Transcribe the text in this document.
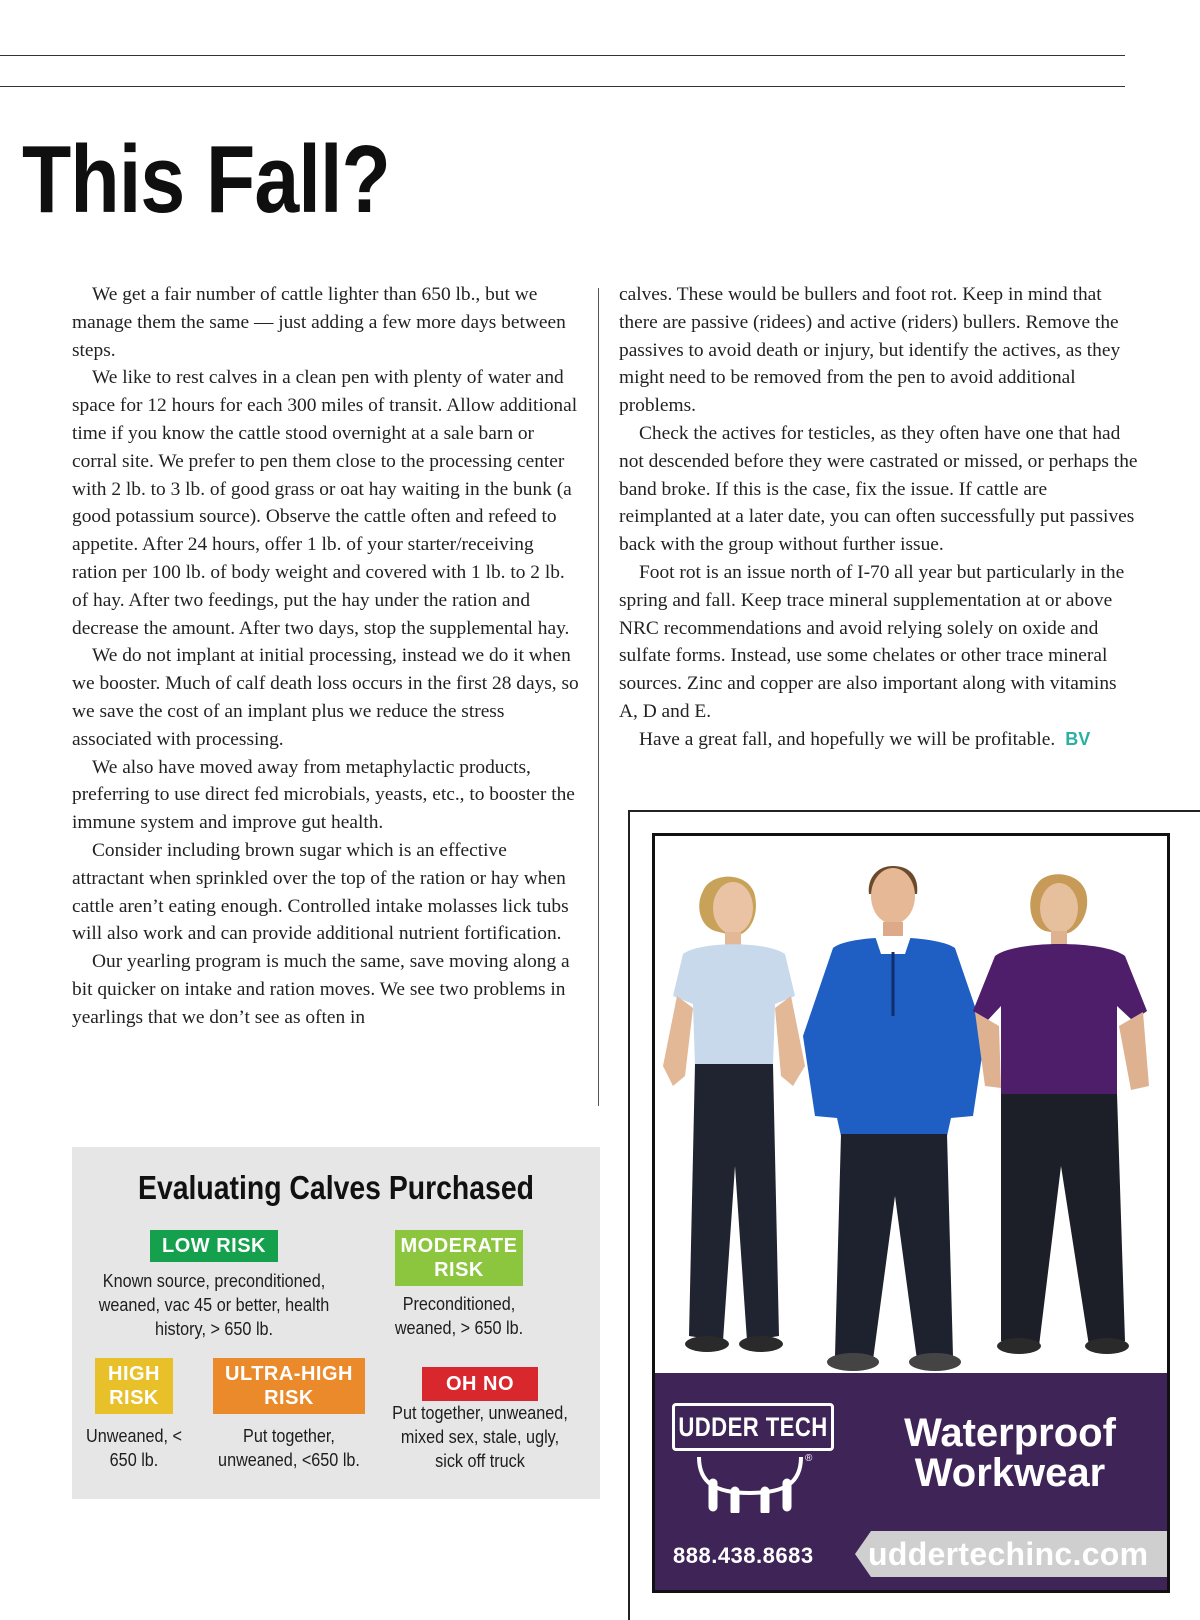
This Fall?

We get a fair number of cattle lighter than 650 lb., but we manage them the same — just adding a few more days between steps.

We like to rest calves in a clean pen with plenty of water and space for 12 hours for each 300 miles of transit. Allow additional time if you know the cattle stood overnight at a sale barn or corral site. We prefer to pen them close to the processing center with 2 lb. to 3 lb. of good grass or oat hay waiting in the bunk (a good potassium source). Observe the cattle often and refeed to appetite. After 24 hours, offer 1 lb. of your starter/receiving ration per 100 lb. of body weight and covered with 1 lb. to 2 lb. of hay. After two feedings, put the hay under the ration and decrease the amount. After two days, stop the supplemental hay.

We do not implant at initial processing, instead we do it when we booster. Much of calf death loss occurs in the first 28 days, so we save the cost of an implant plus we reduce the stress associated with processing.

We also have moved away from metaphylactic products, preferring to use direct fed microbials, yeasts, etc., to booster the immune system and improve gut health.

Consider including brown sugar which is an effective attractant when sprinkled over the top of the ration or hay when cattle aren’t eating enough. Controlled intake molasses lick tubs will also work and can provide additional nutrient fortification.

Our yearling program is much the same, save moving along a bit quicker on intake and ration moves. We see two problems in yearlings that we don’t see as often in

calves. These would be bullers and foot rot. Keep in mind that there are passive (ridees) and active (riders) bullers. Remove the passives to avoid death or injury, but identify the actives, as they might need to be removed from the pen to avoid additional problems.

Check the actives for testicles, as they often have one that had not descended before they were castrated or missed, or perhaps the band broke. If this is the case, fix the issue. If cattle are reimplanted at a later date, you can often successfully put passives back with the group without further issue.

Foot rot is an issue north of I-70 all year but particularly in the spring and fall. Keep trace mineral supplementation at or above NRC recommendations and avoid relying solely on oxide and sulfate forms. Instead, use some chelates or other trace mineral sources. Zinc and copper are also important along with vitamins A, D and E.

Have a great fall, and hopefully we will be profitable. BV

Evaluating Calves Purchased
LOW RISK
Known source, preconditioned, weaned, vac 45 or better, health history, > 650 lb.
MODERATE RISK
Preconditioned, weaned, > 650 lb.
HIGH RISK
Unweaned, < 650 lb.
ULTRA-HIGH RISK
Put together, unweaned, <650 lb.
OH NO
Put together, unweaned, mixed sex, stale, ugly, sick off truck
UDDER TECH
®
Waterproof Workwear
888.438.8683 uddertechinc.com
